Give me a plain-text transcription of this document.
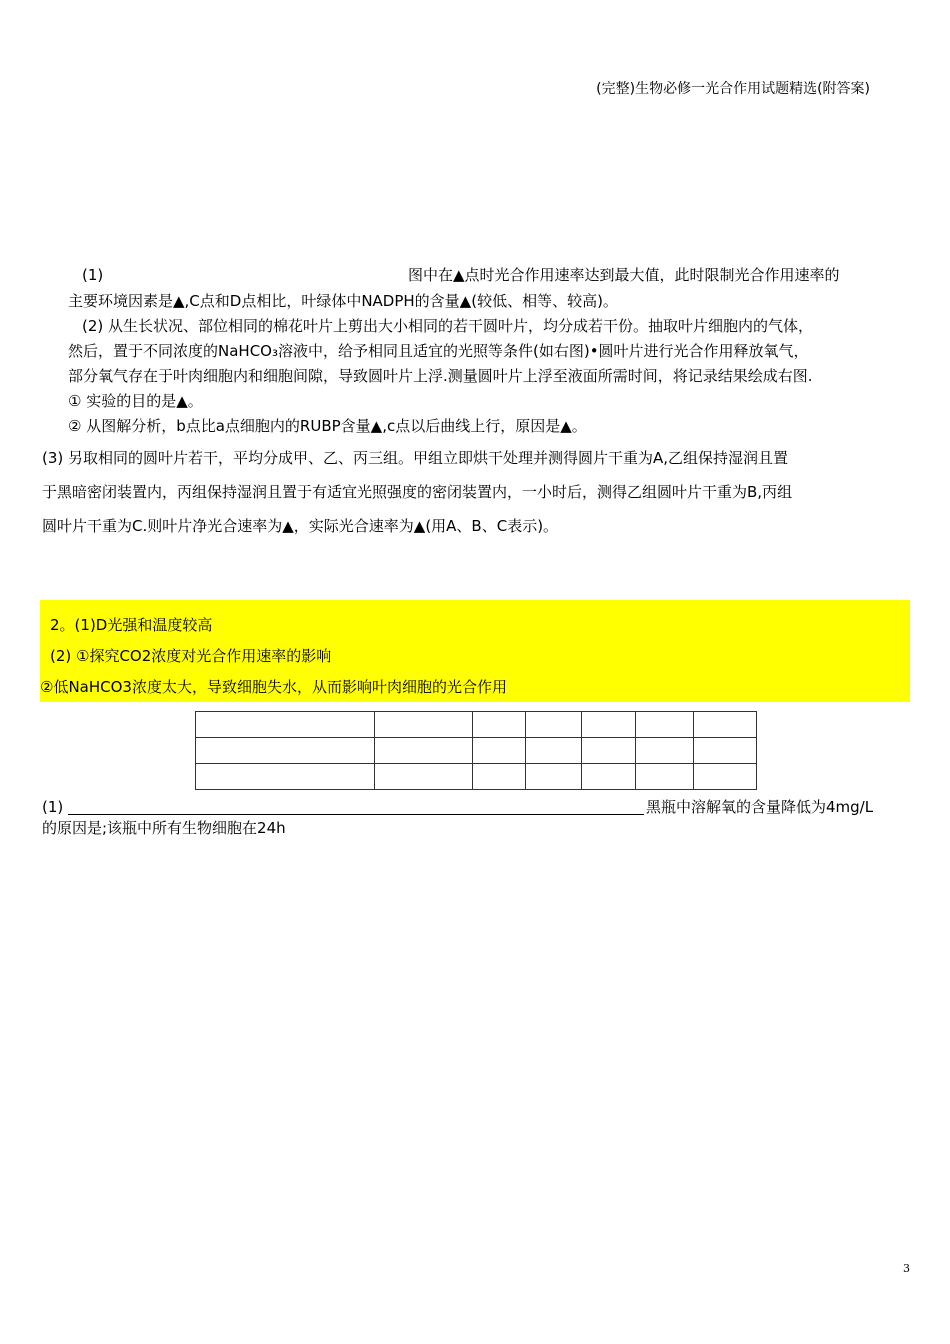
(完整)生物必修一光合作用试题精选(附答案)
(1)	图中在▲点时光合作用速率达到最大值，此时限制光合作用速率的
主要环境因素是▲,C点和D点相比，叶绿体中NADPH的含量▲(较低、相等、较高)。
(2) 从生长状况、部位相同的棉花叶片上剪出大小相同的若干圆叶片，均分成若干份。抽取叶片细胞内的气体，
然后，置于不同浓度的NaHCO₃溶液中，给予相同且适宜的光照等条件(如右图)•圆叶片进行光合作用释放氧气，
部分氧气存在于叶肉细胞内和细胞间隙，导致圆叶片上浮.测量圆叶片上浮至液面所需时间，将记录结果绘成右图.
① 实验的目的是▲。
② 从图解分析，b点比a点细胞内的RUBP含量▲,c点以后曲线上行，原因是▲。
(3) 另取相同的圆叶片若干，平均分成甲、乙、丙三组。甲组立即烘干处理并测得圆片干重为A,乙组保持湿润且置
于黑暗密闭装置内，丙组保持湿润且置于有适宜光照强度的密闭装置内，一小时后，测得乙组圆叶片干重为B,丙组
圆叶片干重为C.则叶片净光合速率为▲，实际光合速率为▲(用A、B、C表示)。
2。(1)D光强和温度较高
(2) ①探究CO2浓度对光合作用速率的影响
②低NaHCO3浓度太大，导致细胞失水，从而影响叶肉细胞的光合作用

(1)	黑瓶中溶解氧的含量降低为4mg/L
的原因是;该瓶中所有生物细胞在24h
3
